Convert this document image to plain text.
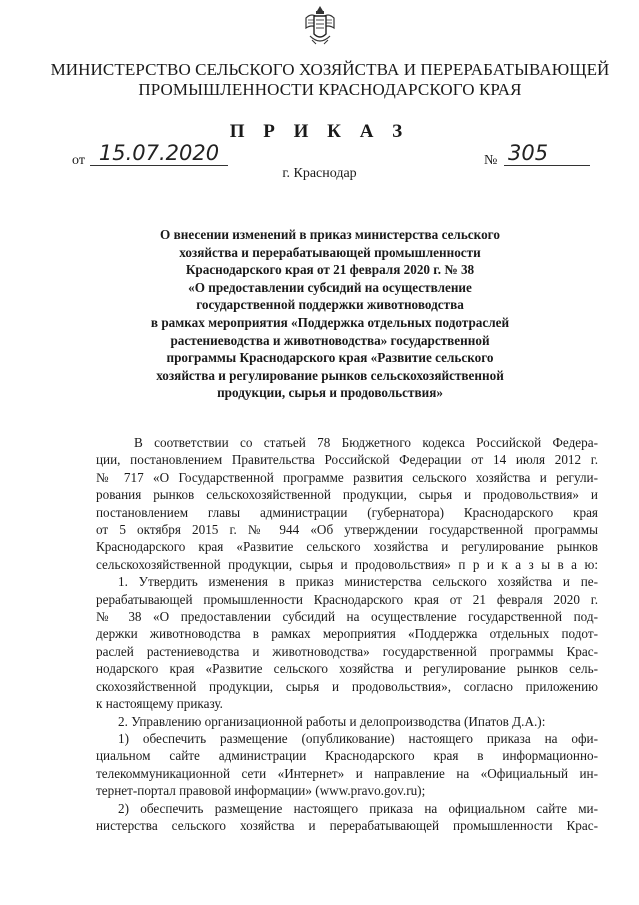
МИНИСТЕРСТВО СЕЛЬСКОГО ХОЗЯЙСТВА И ПЕРЕРАБАТЫВАЮЩЕЙ
ПРОМЫШЛЕННОСТИ КРАСНОДАРСКОГО КРАЯ
П Р И К А З
от 15.07.2020	№ 305
г. Краснодар
О внесении изменений в приказ министерства сельского
хозяйства и перерабатывающей промышленности
Краснодарского края от 21 февраля 2020 г. № 38
«О предоставлении субсидий на осуществление
государственной поддержки животноводства
в рамках мероприятия «Поддержка отдельных подотраслей
растениеводства и животноводства» государственной
программы Краснодарского края «Развитие сельского
хозяйства и регулирование рынков сельскохозяйственной
продукции, сырья и продовольствия»
В соответствии со статьей 78 Бюджетного кодекса Российской Федера-
ции, постановлением Правительства Российской Федерации от 14 июля 2012 г.
№ 717 «О Государственной программе развития сельского хозяйства и регули-
рования рынков сельскохозяйственной продукции, сырья и продовольствия» и
постановлением главы администрации (губернатора) Краснодарского края
от 5 октября 2015 г. № 944 «Об утверждении государственной программы
Краснодарского края «Развитие сельского хозяйства и регулирование рынков
сельскохозяйственной продукции, сырья и продовольствия» п р и к а з ы в а ю:
1. Утвердить изменения в приказ министерства сельского хозяйства и пе-
рерабатывающей промышленности Краснодарского края от 21 февраля 2020 г.
№ 38 «О предоставлении субсидий на осуществление государственной под-
держки животноводства в рамках мероприятия «Поддержка отдельных подот-
раслей растениеводства и животноводства» государственной программы Крас-
нодарского края «Развитие сельского хозяйства и регулирование рынков сель-
скохозяйственной продукции, сырья и продовольствия», согласно приложению
к настоящему приказу.
2. Управлению организационной работы и делопроизводства (Ипатов Д.А.):
1) обеспечить размещение (опубликование) настоящего приказа на офи-
циальном сайте администрации Краснодарского края в информационно-
телекоммуникационной сети «Интернет» и направление на «Официальный ин-
тернет-портал правовой информации» (www.pravo.gov.ru);
2) обеспечить размещение настоящего приказа на официальном сайте ми-
нистерства сельского хозяйства и перерабатывающей промышленности Крас-
